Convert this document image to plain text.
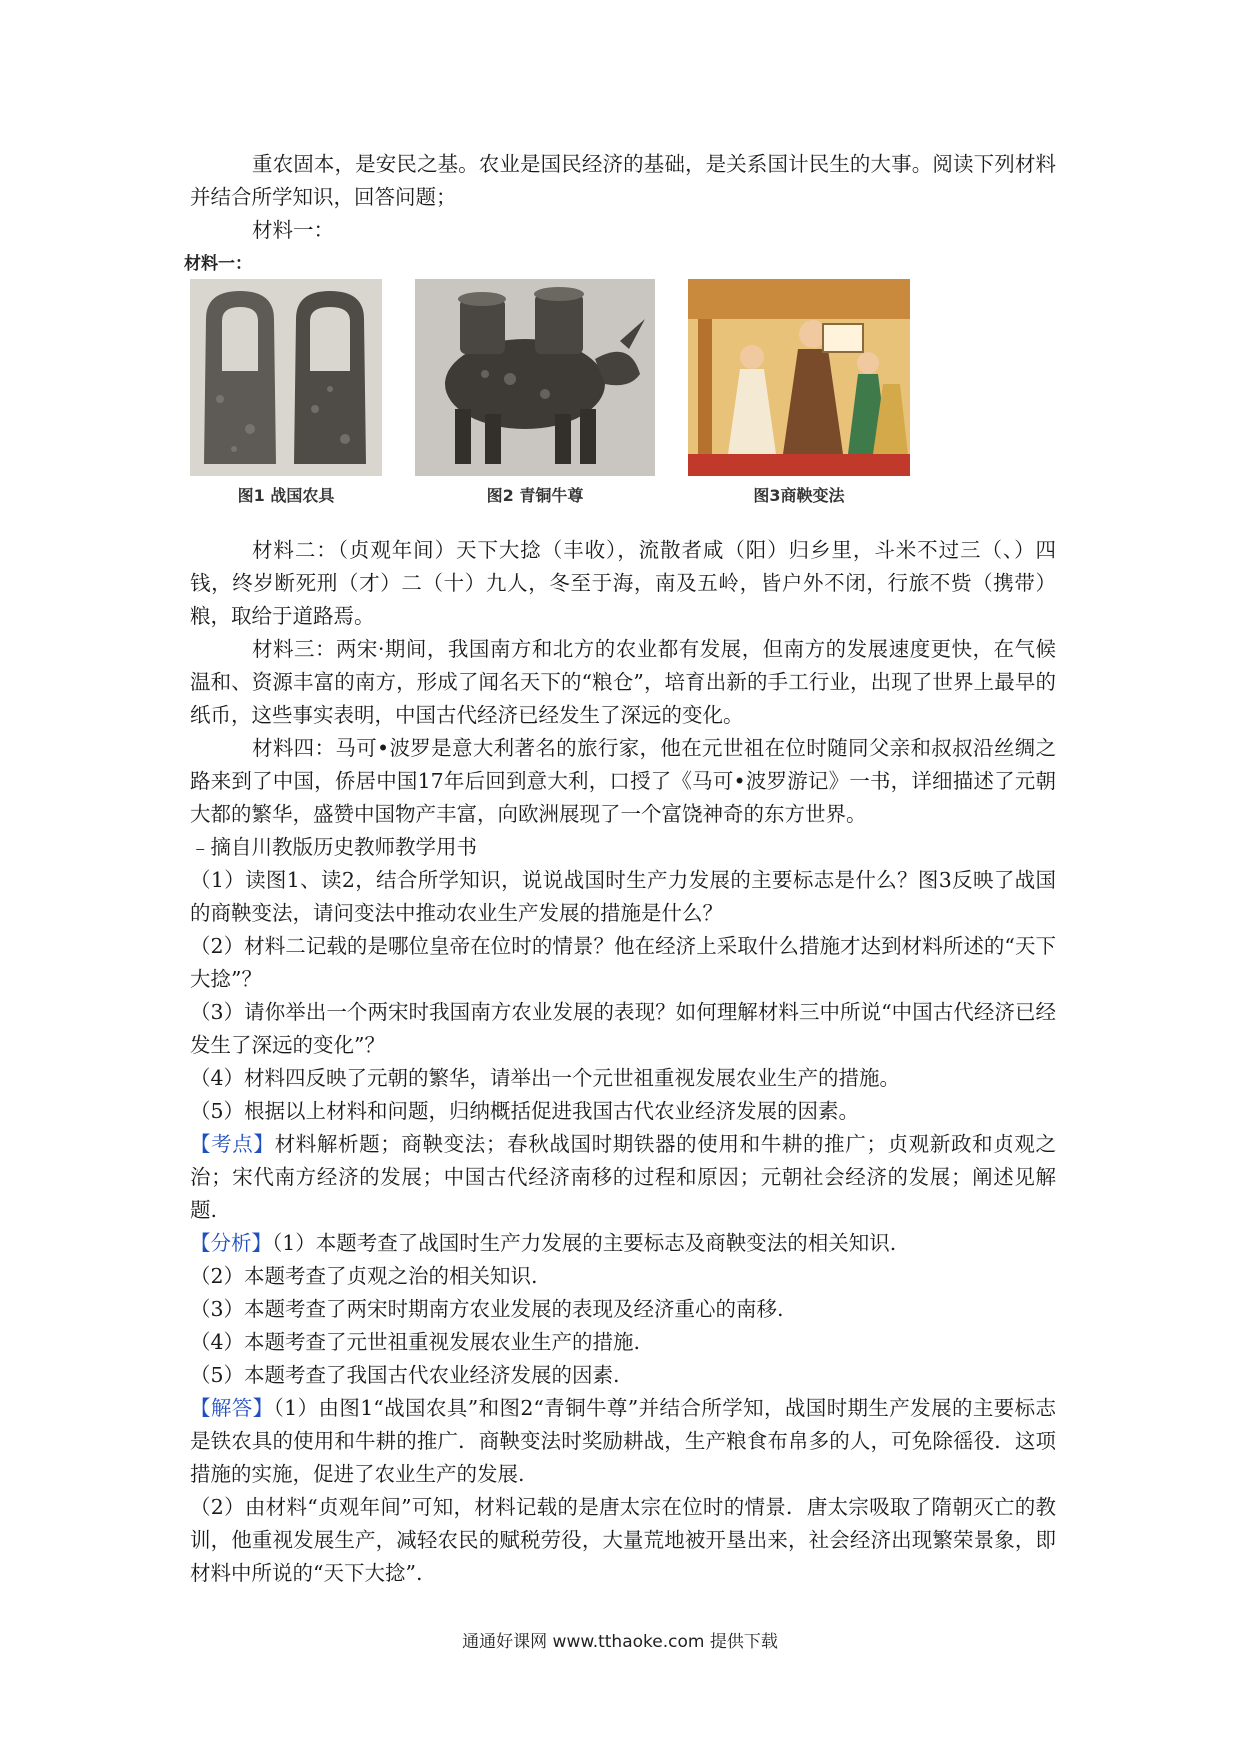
重农固本，是安民之基。农业是国民经济的基础，是关系国计民生的大事。阅读下列材料并结合所学知识，回答问题；

材料一：

材料一：
图1 战国农具	图2 青铜牛尊	图3商鞅变法

材料二：（贞观年间）天下大捻（丰收），流散者咸（阳）归乡里，斗米不过三（、）四钱，终岁断死刑（才）二（十）九人，冬至于海，南及五岭，皆户外不闭，行旅不赀（携带）粮，取给于道路焉。

材料三：两宋·期间，我国南方和北方的农业都有发展，但南方的发展速度更快，在气候温和、资源丰富的南方，形成了闻名天下的“粮仓”，培育出新的手工行业，出现了世界上最早的纸币，这些事实表明，中国古代经济已经发生了深远的变化。

材料四：马可•波罗是意大利著名的旅行家，他在元世祖在位时随同父亲和叔叔沿丝绸之路来到了中国，侨居中国17年后回到意大利，口授了《马可•波罗游记》一书，详细描述了元朝大都的繁华，盛赞中国物产丰富，向欧洲展现了一个富饶神奇的东方世界。

﹣摘自川教版历史教师教学用书

（1）读图1、读2，结合所学知识，说说战国时生产力发展的主要标志是什么？图3反映了战国的商鞅变法，请问变法中推动农业生产发展的措施是什么？

（2）材料二记载的是哪位皇帝在位时的情景？他在经济上采取什么措施才达到材料所述的“天下大捻”？

（3）请你举出一个两宋时我国南方农业发展的表现？如何理解材料三中所说“中国古代经济已经发生了深远的变化”？

（4）材料四反映了元朝的繁华，请举出一个元世祖重视发展农业生产的措施。

（5）根据以上材料和问题，归纳概括促进我国古代农业经济发展的因素。

【考点】材料解析题；商鞅变法；春秋战国时期铁器的使用和牛耕的推广；贞观新政和贞观之治；宋代南方经济的发展；中国古代经济南移的过程和原因；元朝社会经济的发展；阐述见解题.

【分析】（1）本题考查了战国时生产力发展的主要标志及商鞅变法的相关知识.

（2）本题考查了贞观之治的相关知识.

（3）本题考查了两宋时期南方农业发展的表现及经济重心的南移.

（4）本题考查了元世祖重视发展农业生产的措施.

（5）本题考查了我国古代农业经济发展的因素.

【解答】（1）由图1“战国农具”和图2“青铜牛尊”并结合所学知，战国时期生产发展的主要标志是铁农具的使用和牛耕的推广．商鞅变法时奖励耕战，生产粮食布帛多的人，可免除徭役．这项措施的实施，促进了农业生产的发展.

（2）由材料“贞观年间”可知，材料记载的是唐太宗在位时的情景．唐太宗吸取了隋朝灭亡的教训，他重视发展生产，减轻农民的赋税劳役，大量荒地被开垦出来，社会经济出现繁荣景象，即材料中所说的“天下大捻”.

通通好课网 www.tthaoke.com 提供下载
